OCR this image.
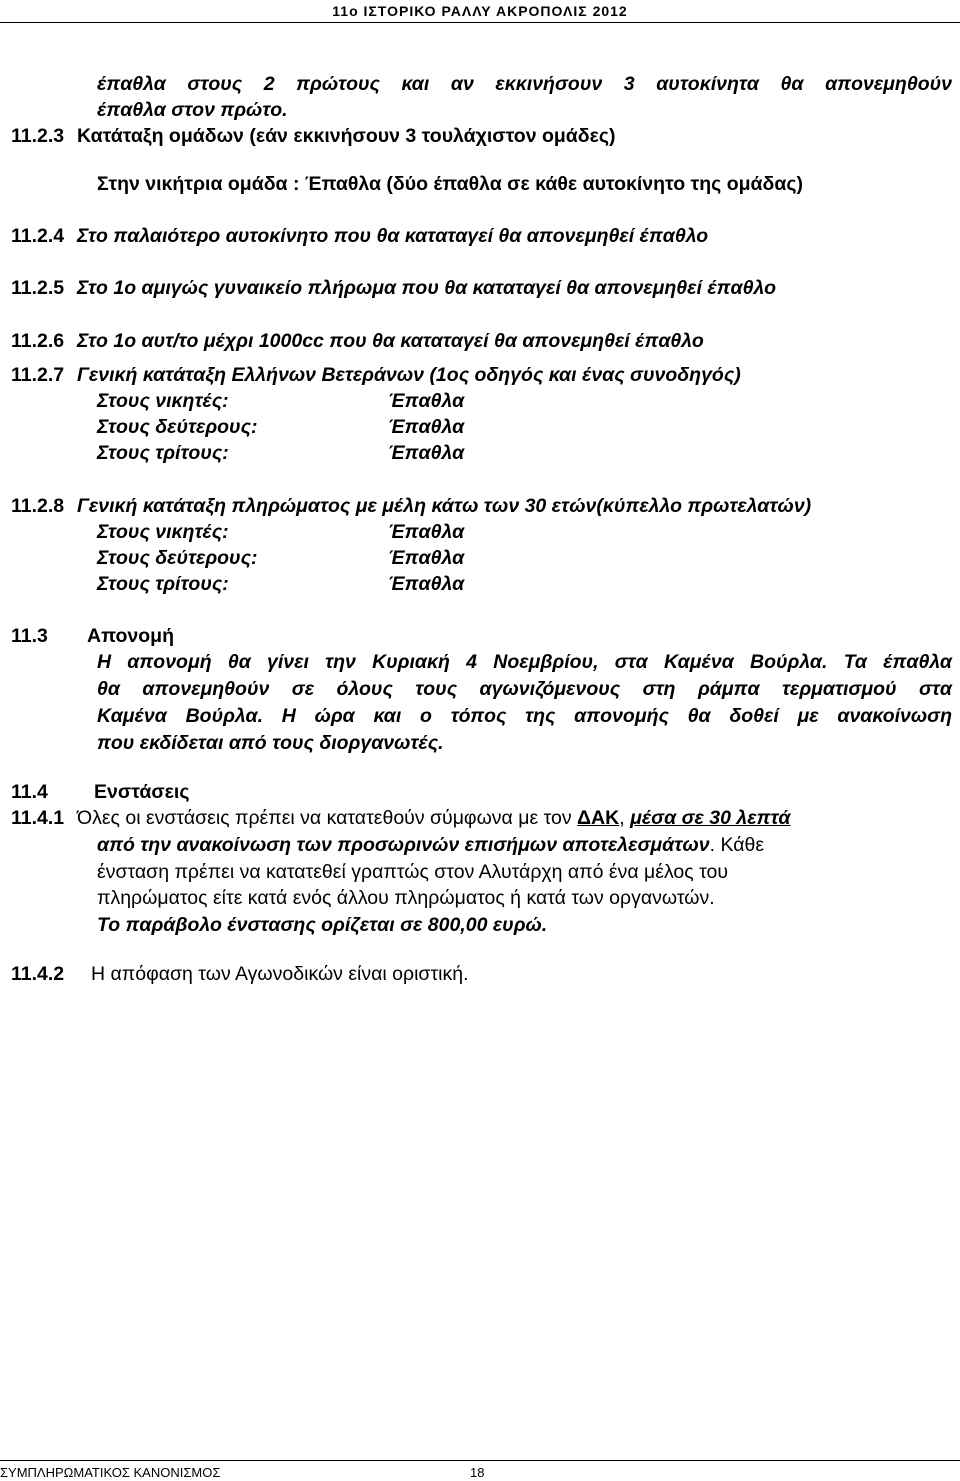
11ο ΙΣΤΟΡΙΚΟ ΡΑΛΛΥ ΑΚΡΟΠΟΛΙΣ 2012
έπαθλα στους 2 πρώτους και αν εκκινήσουν 3 αυτοκίνητα θα απονεμηθούν
έπαθλα στον πρώτο.
11.2.3 Κατάταξη ομάδων (εάν εκκινήσουν 3 τουλάχιστον ομάδες)
Στην νικήτρια ομάδα : Έπαθλα (δύο έπαθλα σε κάθε αυτοκίνητο της ομάδας)
11.2.4 Στο παλαιότερο αυτοκίνητο που θα καταταγεί θα απονεμηθεί έπαθλο
11.2.5 Στο 1ο αμιγώς γυναικείο πλήρωμα που θα καταταγεί θα απονεμηθεί έπαθλο
11.2.6 Στο 1ο αυτ/το μέχρι 1000cc που θα καταταγεί θα απονεμηθεί έπαθλο
11.2.7 Γενική κατάταξη Ελλήνων Βετεράνων (1ος οδηγός και ένας συνοδηγός)
Στους νικητές:	Έπαθλα
Στους δεύτερους:	Έπαθλα
Στους τρίτους:	Έπαθλα
11.2.8 Γενική κατάταξη πληρώματος με μέλη κάτω των 30 ετών(κύπελλο πρωτελατών)
Στους νικητές:	Έπαθλα
Στους δεύτερους:	Έπαθλα
Στους τρίτους:	Έπαθλα
11.3 Απονομή
Η απονομή θα γίνει την Κυριακή 4 Νοεμβρίου, στα Καμένα Βούρλα. Τα έπαθλα
θα απονεμηθούν σε όλους τους αγωνιζόμενους στη ράμπα τερματισμού στα
Καμένα Βούρλα. Η ώρα και ο τόπος της απονομής θα δοθεί με ανακοίνωση
που εκδίδεται από τους διοργανωτές.
11.4 Ενστάσεις
11.4.1 Όλες οι ενστάσεις πρέπει να κατατεθούν σύμφωνα με τον ΔΑΚ, μέσα σε 30 λεπτά
από την ανακοίνωση των προσωρινών επισήμων αποτελεσμάτων. Κάθε
ένσταση πρέπει να κατατεθεί γραπτώς στον Αλυτάρχη από ένα μέλος του
πληρώματος είτε κατά ενός άλλου πληρώματος ή κατά των οργανωτών.
Το παράβολο ένστασης ορίζεται σε 800,00 ευρώ.
11.4.2 Η απόφαση των Αγωνοδικών είναι οριστική.
ΣΥΜΠΛΗΡΩΜΑΤΙΚΟΣ ΚΑΝΟΝΙΣΜΟΣ	18
